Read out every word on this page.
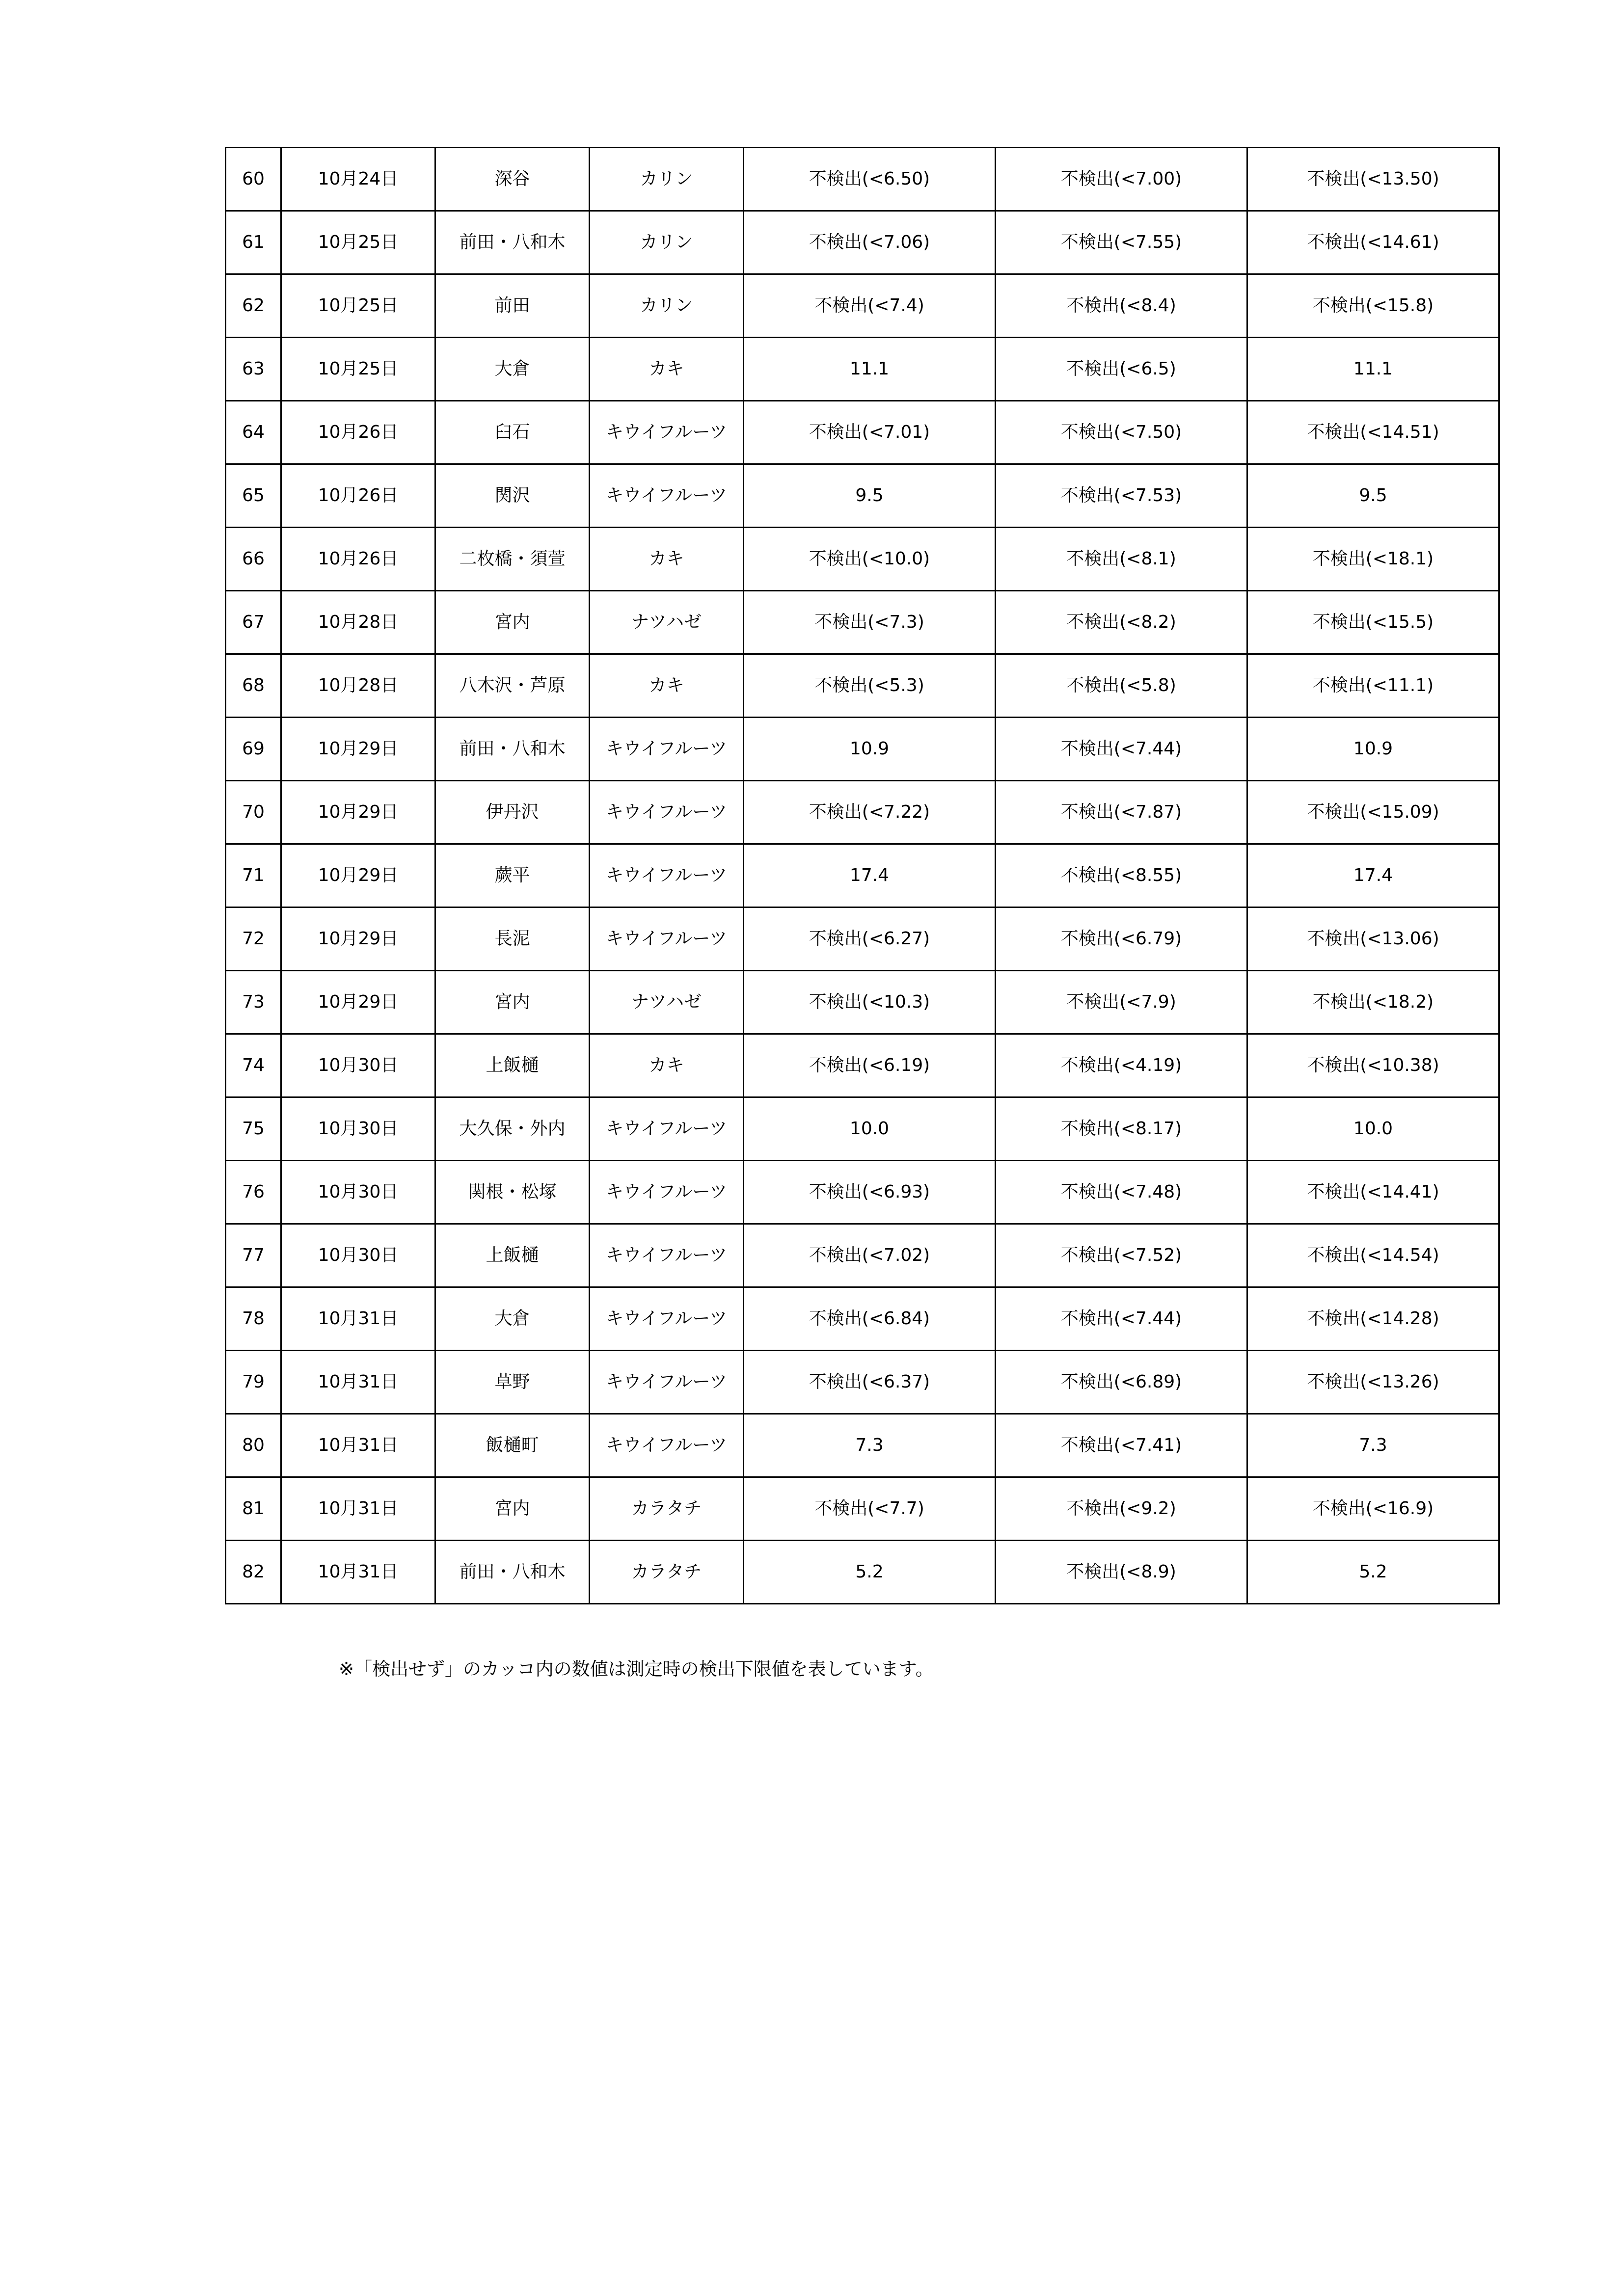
60	10月24日	深谷	カリン	不検出(<6.50)	不検出(<7.00)	不検出(<13.50)
61	10月25日	前田・八和木	カリン	不検出(<7.06)	不検出(<7.55)	不検出(<14.61)
62	10月25日	前田	カリン	不検出(<7.4)	不検出(<8.4)	不検出(<15.8)
63	10月25日	大倉	カキ	11.1	不検出(<6.5)	11.1
64	10月26日	臼石	キウイフルーツ	不検出(<7.01)	不検出(<7.50)	不検出(<14.51)
65	10月26日	関沢	キウイフルーツ	9.5	不検出(<7.53)	9.5
66	10月26日	二枚橋・須萱	カキ	不検出(<10.0)	不検出(<8.1)	不検出(<18.1)
67	10月28日	宮内	ナツハゼ	不検出(<7.3)	不検出(<8.2)	不検出(<15.5)
68	10月28日	八木沢・芦原	カキ	不検出(<5.3)	不検出(<5.8)	不検出(<11.1)
69	10月29日	前田・八和木	キウイフルーツ	10.9	不検出(<7.44)	10.9
70	10月29日	伊丹沢	キウイフルーツ	不検出(<7.22)	不検出(<7.87)	不検出(<15.09)
71	10月29日	蕨平	キウイフルーツ	17.4	不検出(<8.55)	17.4
72	10月29日	長泥	キウイフルーツ	不検出(<6.27)	不検出(<6.79)	不検出(<13.06)
73	10月29日	宮内	ナツハゼ	不検出(<10.3)	不検出(<7.9)	不検出(<18.2)
74	10月30日	上飯樋	カキ	不検出(<6.19)	不検出(<4.19)	不検出(<10.38)
75	10月30日	大久保・外内	キウイフルーツ	10.0	不検出(<8.17)	10.0
76	10月30日	関根・松塚	キウイフルーツ	不検出(<6.93)	不検出(<7.48)	不検出(<14.41)
77	10月30日	上飯樋	キウイフルーツ	不検出(<7.02)	不検出(<7.52)	不検出(<14.54)
78	10月31日	大倉	キウイフルーツ	不検出(<6.84)	不検出(<7.44)	不検出(<14.28)
79	10月31日	草野	キウイフルーツ	不検出(<6.37)	不検出(<6.89)	不検出(<13.26)
80	10月31日	飯樋町	キウイフルーツ	7.3	不検出(<7.41)	7.3
81	10月31日	宮内	カラタチ	不検出(<7.7)	不検出(<9.2)	不検出(<16.9)
82	10月31日	前田・八和木	カラタチ	5.2	不検出(<8.9)	5.2
※「検出せず」のカッコ内の数値は測定時の検出下限値を表しています。
